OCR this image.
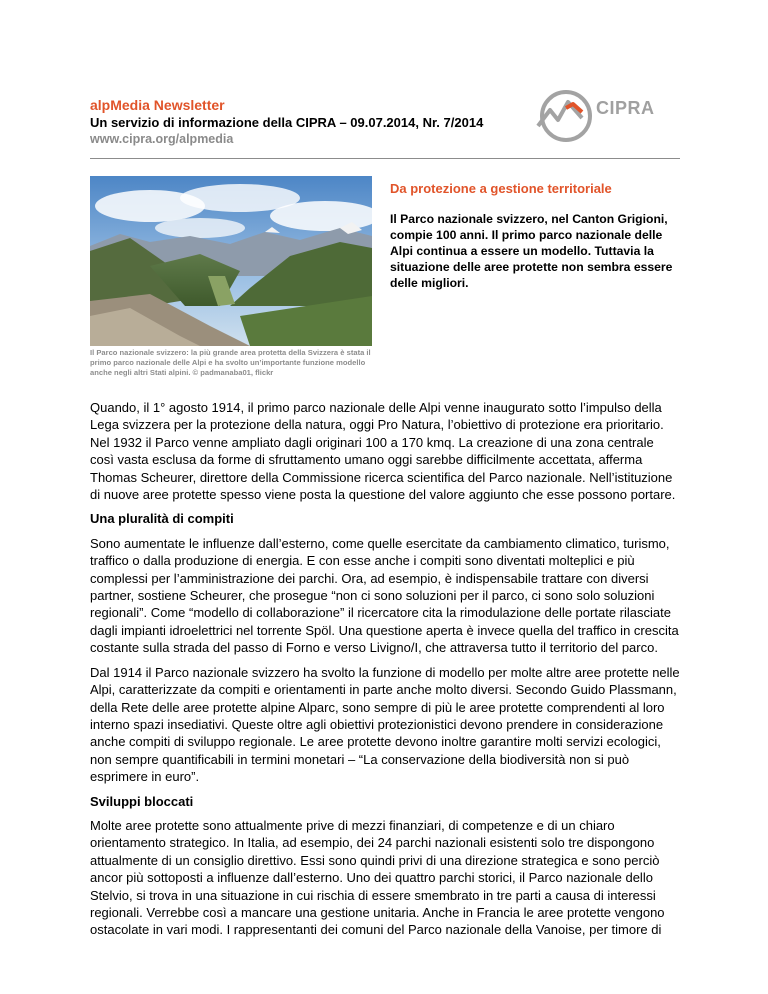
alpMedia Newsletter
Un servizio di informazione della CIPRA – 09.07.2014, Nr. 7/2014
www.cipra.org/alpmedia
CIPRA
Il Parco nazionale svizzero: la più grande area protetta della Svizzera è stata il primo parco nazionale delle Alpi e ha svolto un’importante funzione modello anche negli altri Stati alpini. © padmanaba01, flickr
Da protezione a gestione territoriale
Il Parco nazionale svizzero, nel Canton Grigioni, compie 100 anni. Il primo parco nazionale delle Alpi continua a essere un modello. Tuttavia la situazione delle aree protette non sembra essere delle migliori.

Quando, il 1° agosto 1914, il primo parco nazionale delle Alpi venne inaugurato sotto l’impulso della Lega svizzera per la protezione della natura, oggi Pro Natura, l’obiettivo di protezione era prioritario. Nel 1932 il Parco venne ampliato dagli originari 100 a 170 kmq. La creazione di una zona centrale così vasta esclusa da forme di sfruttamento umano oggi sarebbe difficilmente accettata, afferma Thomas Scheurer, direttore della Commissione ricerca scientifica del Parco nazionale. Nell’istituzione di nuove aree protette spesso viene posta la questione del valore aggiunto che esse possono portare.

Una pluralità di compiti

Sono aumentate le influenze dall’esterno, come quelle esercitate da cambiamento climatico, turismo, traffico o dalla produzione di energia. E con esse anche i compiti sono diventati molteplici e più complessi per l’amministrazione dei parchi. Ora, ad esempio, è indispensabile trattare con diversi partner, sostiene Scheurer, che prosegue “non ci sono soluzioni per il parco, ci sono solo soluzioni regionali”. Come “modello di collaborazione” il ricercatore cita la rimodulazione delle portate rilasciate dagli impianti idroelettrici nel torrente Spöl. Una questione aperta è invece quella del traffico in crescita costante sulla strada del passo di Forno e verso Livigno/I, che attraversa tutto il territorio del parco.

Dal 1914 il Parco nazionale svizzero ha svolto la funzione di modello per molte altre aree protette nelle Alpi, caratterizzate da compiti e orientamenti in parte anche molto diversi. Secondo Guido Plassmann, della Rete delle aree protette alpine Alparc, sono sempre di più le aree protette comprendenti al loro interno spazi insediativi. Queste oltre agli obiettivi protezionistici devono prendere in considerazione anche compiti di sviluppo regionale. Le aree protette devono inoltre garantire molti servizi ecologici, non sempre quantificabili in termini monetari – “La conservazione della biodiversità non si può esprimere in euro”.

Sviluppi bloccati

Molte aree protette sono attualmente prive di mezzi finanziari, di competenze e di un chiaro orientamento strategico. In Italia, ad esempio, dei 24 parchi nazionali esistenti solo tre dispongono attualmente di un consiglio direttivo. Essi sono quindi privi di una direzione strategica e sono perciò ancor più sottoposti a influenze dall’esterno. Uno dei quattro parchi storici, il Parco nazionale dello Stelvio, si trova in una situazione in cui rischia di essere smembrato in tre parti a causa di interessi regionali. Verrebbe così a mancare una gestione unitaria. Anche in Francia le aree protette vengono ostacolate in vari modi. I rappresentanti dei comuni del Parco nazionale della Vanoise, per timore di
